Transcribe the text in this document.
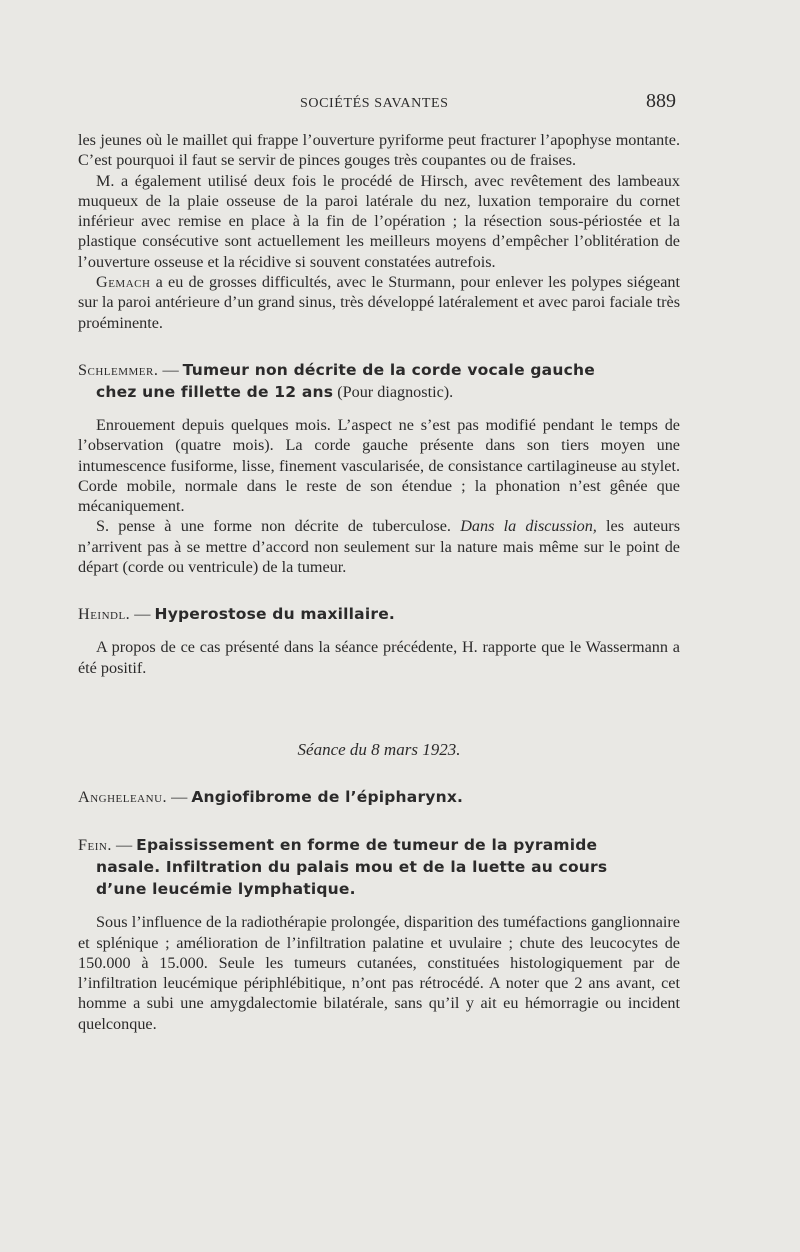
SOCIÉTÉS SAVANTES	889

les jeunes où le maillet qui frappe l’ouverture pyriforme peut fracturer l’apophyse montante. C’est pourquoi il faut se servir de pinces gouges très coupantes ou de fraises.

M. a également utilisé deux fois le procédé de Hirsch, avec revêtement des lambeaux muqueux de la plaie osseuse de la paroi latérale du nez, luxation temporaire du cornet inférieur avec remise en place à la fin de l’opération ; la résection sous-périostée et la plastique consécutive sont actuellement les meilleurs moyens d’empêcher l’oblitération de l’ouverture osseuse et la récidive si souvent constatées autrefois.

Gemach a eu de grosses difficultés, avec le Sturmann, pour enlever les polypes siégeant sur la paroi antérieure d’un grand sinus, très développé latéralement et avec paroi faciale très proéminente.

Schlemmer. — Tumeur non décrite de la corde vocale gauche
chez une fillette de 12 ans (Pour diagnostic).

Enrouement depuis quelques mois. L’aspect ne s’est pas modifié pendant le temps de l’observation (quatre mois). La corde gauche présente dans son tiers moyen une intumescence fusiforme, lisse, finement vascularisée, de consistance cartilagineuse au stylet. Corde mobile, normale dans le reste de son étendue ; la phonation n’est gênée que mécaniquement.

S. pense à une forme non décrite de tuberculose. Dans la discussion, les auteurs n’arrivent pas à se mettre d’accord non seulement sur la nature mais même sur le point de départ (corde ou ventricule) de la tumeur.

Heindl. — Hyperostose du maxillaire.

A propos de ce cas présenté dans la séance précédente, H. rapporte que le Wassermann a été positif.

Séance du 8 mars 1923.

Angheleanu. — Angiofibrome de l’épipharynx.

Fein. — Epaississement en forme de tumeur de la pyramide
nasale. Infiltration du palais mou et de la luette au cours
d’une leucémie lymphatique.

Sous l’influence de la radiothérapie prolongée, disparition des tuméfactions ganglionnaire et splénique ; amélioration de l’infiltration palatine et uvulaire ; chute des leucocytes de 150.000 à 15.000. Seule les tumeurs cutanées, constituées histologiquement par de l’infiltration leucémique périphlébitique, n’ont pas rétrocédé. A noter que 2 ans avant, cet homme a subi une amygdalectomie bilatérale, sans qu’il y ait eu hémorragie ou incident quelconque.
